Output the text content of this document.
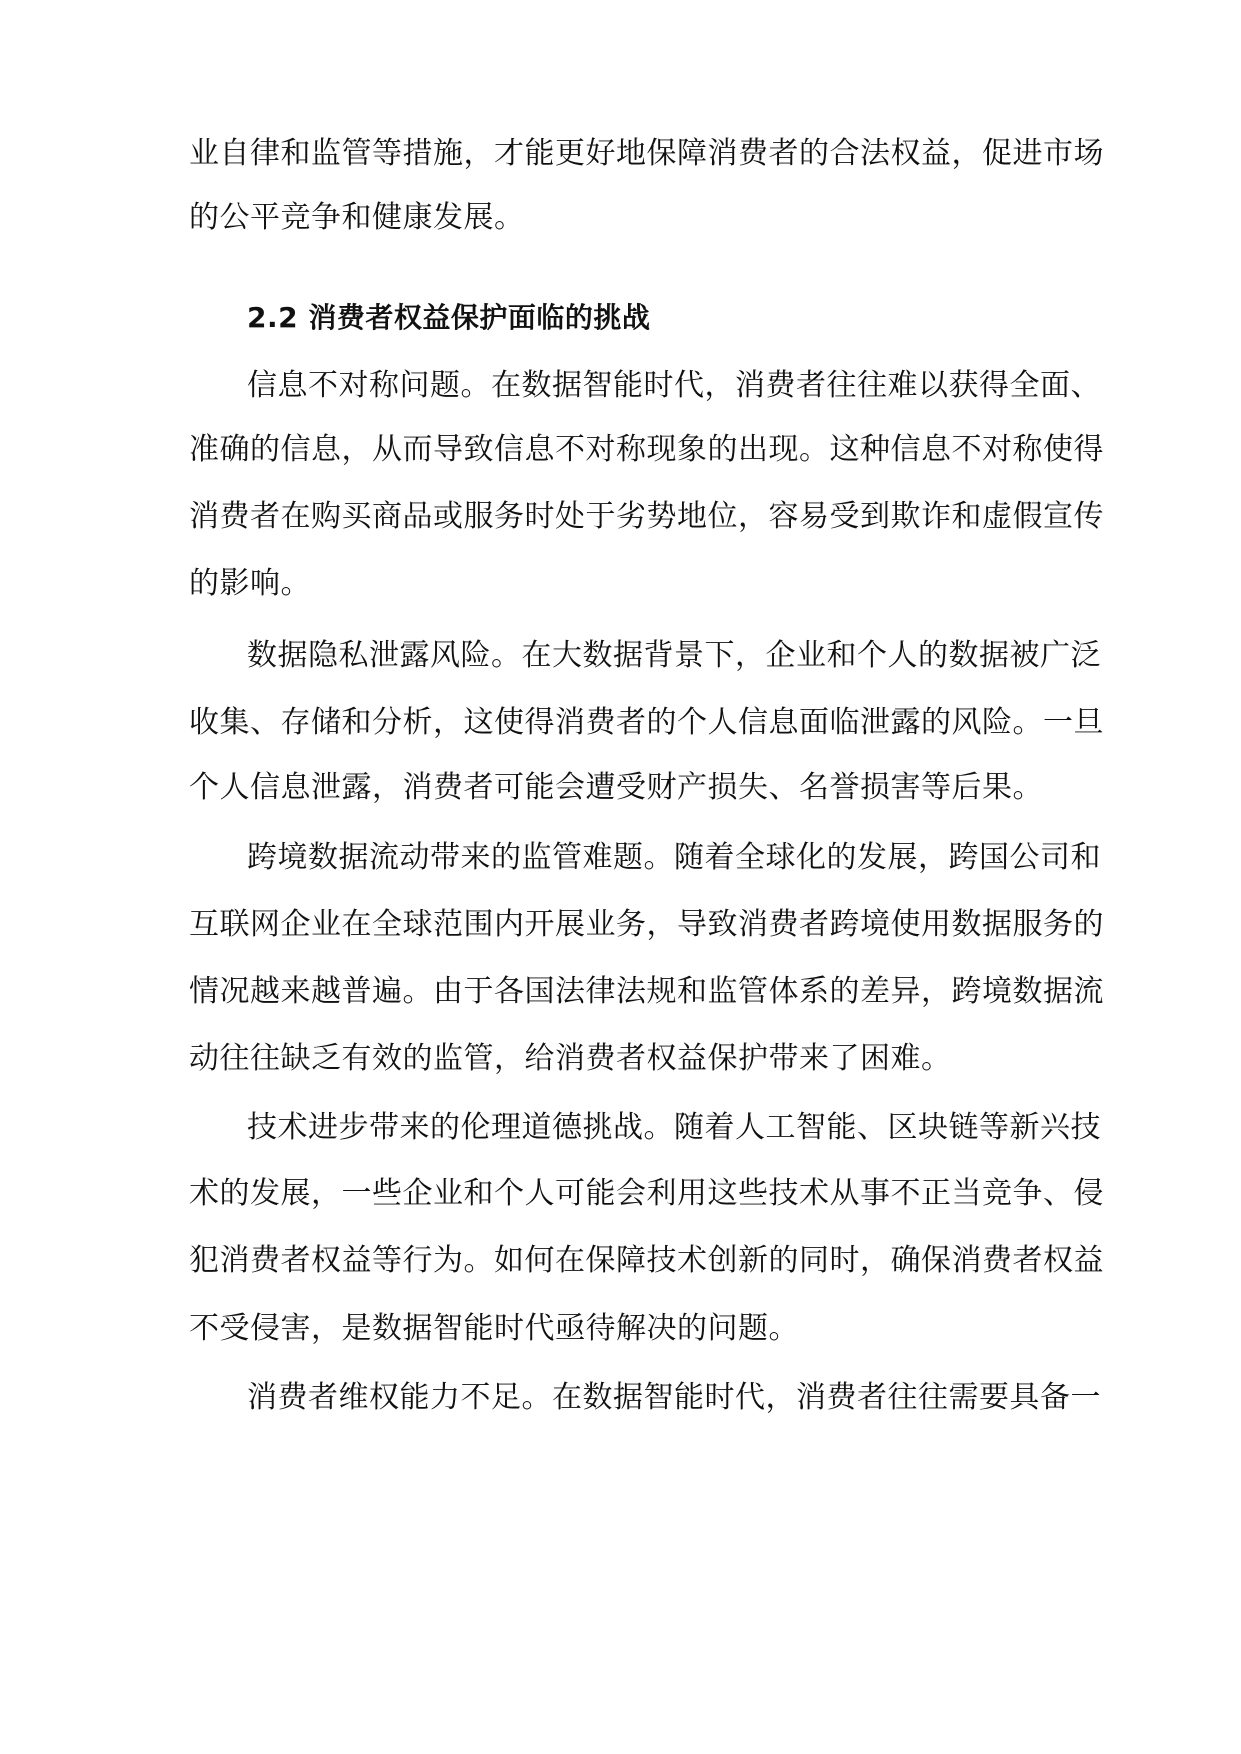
业自律和监管等措施，才能更好地保障消费者的合法权益，促进市场
的公平竞争和健康发展。
2.2 消费者权益保护面临的挑战
信息不对称问题。在数据智能时代，消费者往往难以获得全面、
准确的信息，从而导致信息不对称现象的出现。这种信息不对称使得
消费者在购买商品或服务时处于劣势地位，容易受到欺诈和虚假宣传
的影响。
数据隐私泄露风险。在大数据背景下，企业和个人的数据被广泛
收集、存储和分析，这使得消费者的个人信息面临泄露的风险。一旦
个人信息泄露，消费者可能会遭受财产损失、名誉损害等后果。
跨境数据流动带来的监管难题。随着全球化的发展，跨国公司和
互联网企业在全球范围内开展业务，导致消费者跨境使用数据服务的
情况越来越普遍。由于各国法律法规和监管体系的差异，跨境数据流
动往往缺乏有效的监管，给消费者权益保护带来了困难。
技术进步带来的伦理道德挑战。随着人工智能、区块链等新兴技
术的发展，一些企业和个人可能会利用这些技术从事不正当竞争、侵
犯消费者权益等行为。如何在保障技术创新的同时，确保消费者权益
不受侵害，是数据智能时代亟待解决的问题。
消费者维权能力不足。在数据智能时代，消费者往往需要具备一
